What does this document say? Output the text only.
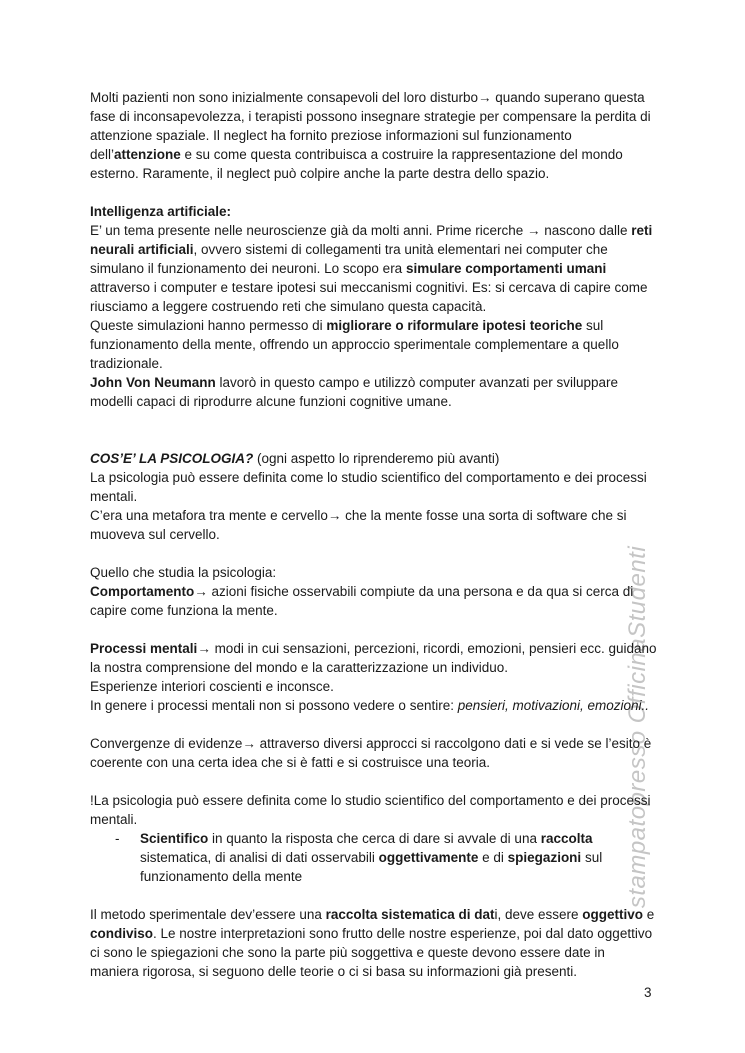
stampatopresso OfficinaStudenti

Molti pazienti non sono inizialmente consapevoli del loro disturbo→ quando superano questa fase di inconsapevolezza, i terapisti possono insegnare strategie per compensare la perdita di attenzione spaziale. Il neglect ha fornito preziose informazioni sul funzionamento dell’attenzione e su come questa contribuisca a costruire la rappresentazione del mondo esterno. Raramente, il neglect può colpire anche la parte destra dello spazio.

Intelligenza artificiale:

E’ un tema presente nelle neuroscienze già da molti anni. Prime ricerche → nascono dalle reti neurali artificiali, ovvero sistemi di collegamenti tra unità elementari nei computer che simulano il funzionamento dei neuroni. Lo scopo era simulare comportamenti umani attraverso i computer e testare ipotesi sui meccanismi cognitivi. Es: si cercava di capire come riusciamo a leggere costruendo reti che simulano questa capacità.

Queste simulazioni hanno permesso di migliorare o riformulare ipotesi teoriche sul funzionamento della mente, offrendo un approccio sperimentale complementare a quello tradizionale.

John Von Neumann lavorò in questo campo e utilizzò computer avanzati per sviluppare modelli capaci di riprodurre alcune funzioni cognitive umane.

COS’E’ LA PSICOLOGIA? (ogni aspetto lo riprenderemo più avanti)

La psicologia può essere definita come lo studio scientifico del comportamento e dei processi mentali.

C’era una metafora tra mente e cervello→ che la mente fosse una sorta di software che si muoveva sul cervello.

Quello che studia la psicologia:

Comportamento→ azioni fisiche osservabili compiute da una persona e da qua si cerca di capire come funziona la mente.

Processi mentali→ modi in cui sensazioni, percezioni, ricordi, emozioni, pensieri ecc. guidano la nostra comprensione del mondo e la caratterizzazione un individuo.

Esperienze interiori coscienti e inconsce.

In genere i processi mentali non si possono vedere o sentire: pensieri, motivazioni, emozioni..

Convergenze di evidenze→ attraverso diversi approcci si raccolgono dati e si vede se l’esito è coerente con una certa idea che si è fatti e si costruisce una teoria.

!La psicologia può essere definita come lo studio scientifico del comportamento e dei processi mentali.

-	Scientifico in quanto la risposta che cerca di dare si avvale di una raccolta sistematica, di analisi di dati osservabili oggettivamente e di spiegazioni sul funzionamento della mente

Il metodo sperimentale dev’essere una raccolta sistematica di dati, deve essere oggettivo e condiviso. Le nostre interpretazioni sono frutto delle nostre esperienze, poi dal dato oggettivo ci sono le spiegazioni che sono la parte più soggettiva e queste devono essere date in maniera rigorosa, si seguono delle teorie o ci si basa su informazioni già presenti.

3
